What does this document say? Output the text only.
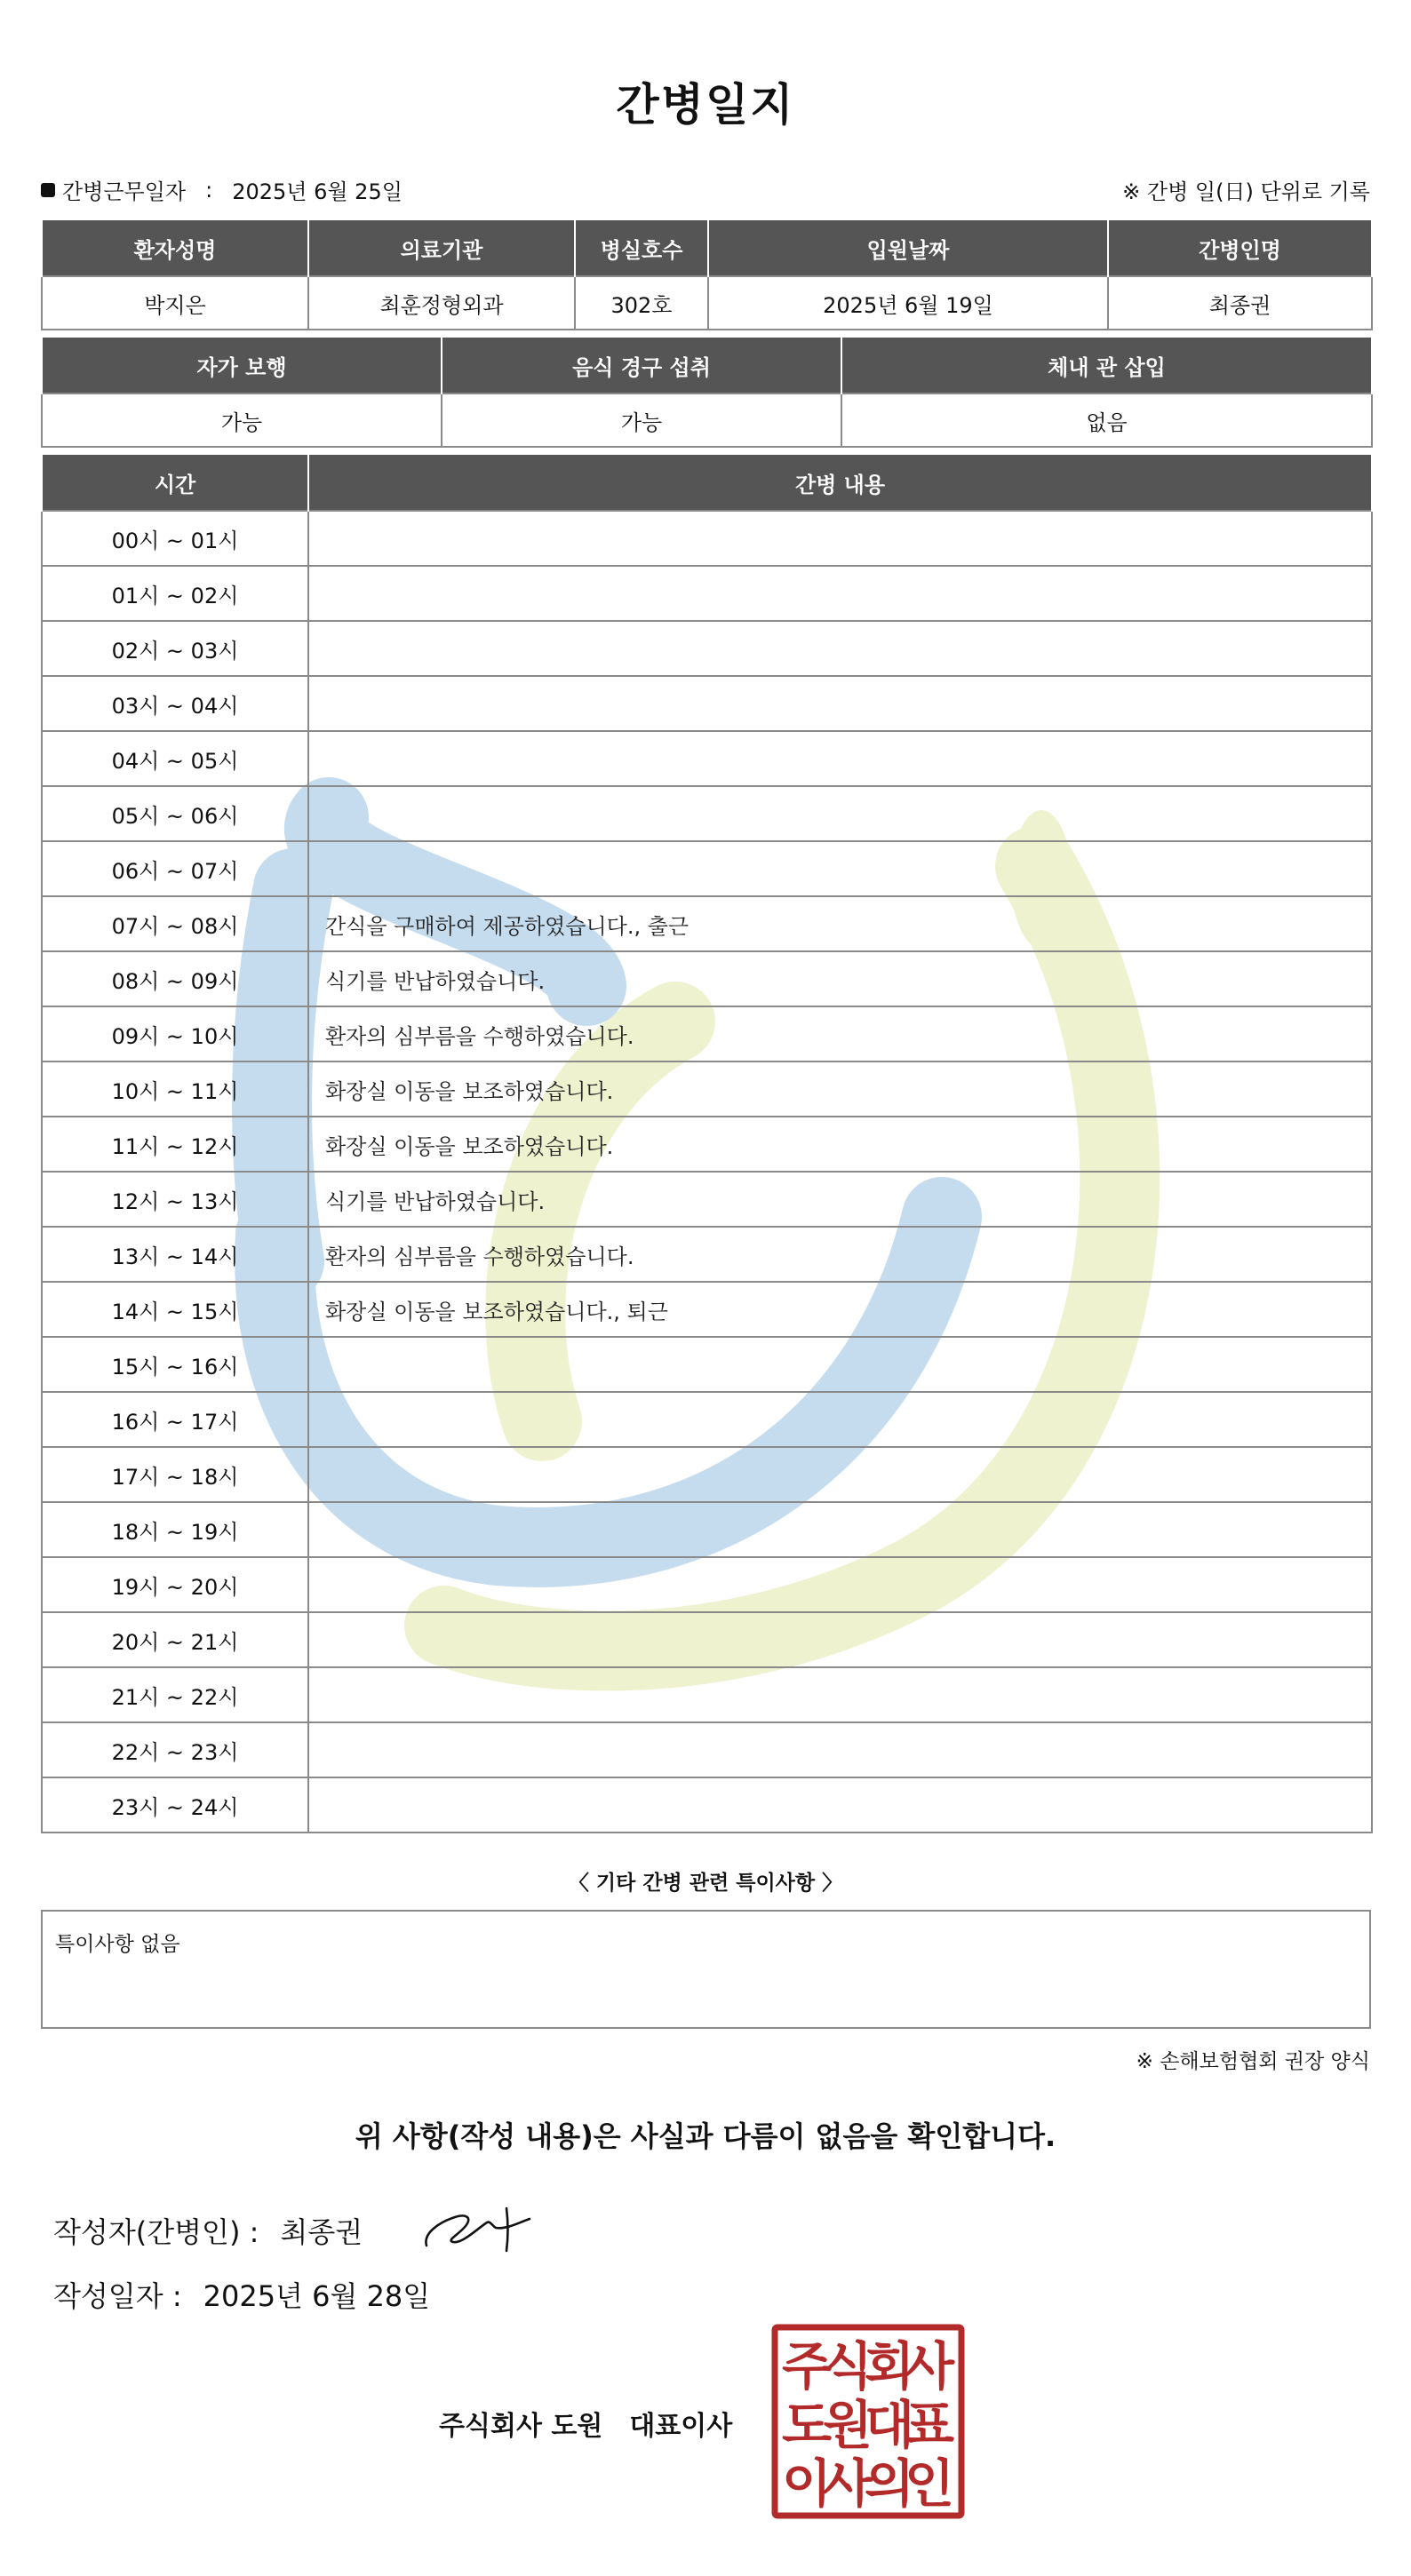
간병일지
간병근무일자 : 2025년 6월 25일	※ 간병 일(日) 단위로 기록
환자성명	의료기관	병실호수	입원날짜	간병인명
박지은	최훈정형외과	302호	2025년 6월 19일	최종권
자가 보행	음식 경구 섭취	체내 관 삽입
가능	가능	없음
시간	간병 내용
00시 ~ 01시	
01시 ~ 02시	
02시 ~ 03시	
03시 ~ 04시	
04시 ~ 05시	
05시 ~ 06시	
06시 ~ 07시	
07시 ~ 08시	간식을 구매하여 제공하였습니다., 출근
08시 ~ 09시	식기를 반납하였습니다.
09시 ~ 10시	환자의 심부름을 수행하였습니다.
10시 ~ 11시	화장실 이동을 보조하였습니다.
11시 ~ 12시	화장실 이동을 보조하였습니다.
12시 ~ 13시	식기를 반납하였습니다.
13시 ~ 14시	환자의 심부름을 수행하였습니다.
14시 ~ 15시	화장실 이동을 보조하였습니다., 퇴근
15시 ~ 16시	
16시 ~ 17시	
17시 ~ 18시	
18시 ~ 19시	
19시 ~ 20시	
20시 ~ 21시	
21시 ~ 22시	
22시 ~ 23시	
23시 ~ 24시	
〈 기타 간병 관련 특이사항 〉
특이사항 없음
※ 손해보험협회 권장 양식
위 사항(작성 내용)은 사실과 다름이 없음을 확인합니다.
작성자(간병인) : 최종권
작성일자 : 2025년 6월 28일
주식회사 도원 대표이사
주
식
회
사
도
원
대
표
이
사
의
인
